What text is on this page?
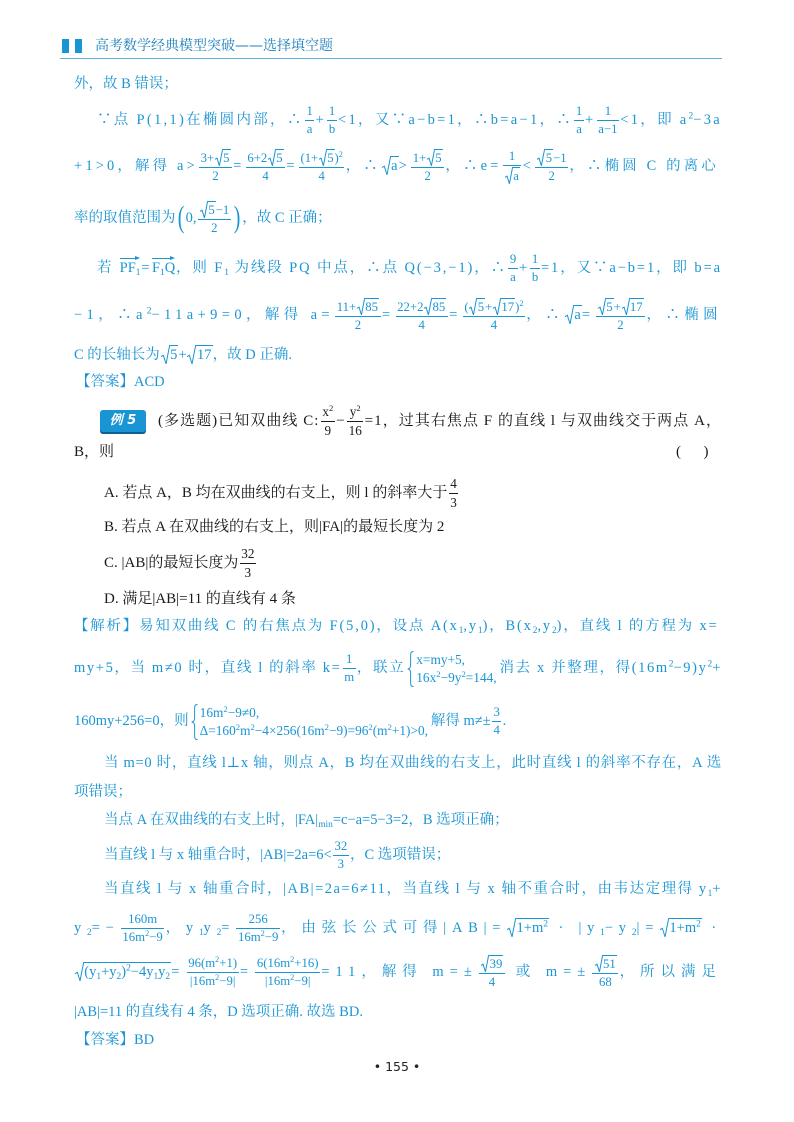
高考数学经典模型突破——选择填空题
外，故 B 错误；
∵点 P(1,1)在椭圆内部，∴ $\frac{1}{a} + \frac{1}{b} <1$，又∵a−b=1，∴b=a−1，∴ $\frac{1}{a} + \frac{1}{a-1} <1$，即 $a^2-3a$
+1>0，解得 $a> \frac{3+ 5}{2} = \frac{6+2 5}{4} = \frac{(1+ 5 )^2}{4}$ ，∴ $a > \frac{1+ 5}{2}$ ，∴e= $\frac{1}{a} < \frac{5 -1}{2}$ ，∴椭圆 C 的离心
率的取值范围为( 0, $\frac{5 -1}{2}$ ) ，故 C 正确；
若 $PF_1=F_1Q$，则 $F_1$ 为线段 PQ 中点，∴点 Q(−3,−1)，∴ $\frac{9}{a} + \frac{1}{b} =1$，又∵a−b=1，即 b=a
−1，$\therefore a^2-11a+9=0$，解得 $a= \frac{11+ 85}{2} = \frac{22+2 85}{4} = \frac{( 5 + 17 )^2}{4}$ ，∴ $a = \frac{5 + 17}{2}$ ，∴椭圆
C 的长轴长为 5 + 17 ，故 D 正确.
【答案】ACD
例 5	(多选题)已知双曲线 C: $\frac{x^2}{9} - \frac{y^2}{16} =1$，过其右焦点 F 的直线 l 与双曲线交于两点 A，
B，则	(      )
A. 若点 A，B 均在双曲线的右支上，则 l 的斜率大于 $\frac{4}{3}$
B. 若点 A 在双曲线的右支上，则|FA|的最短长度为 2
C. |AB|的最短长度为 $\frac{32}{3}$
D. 满足|AB|=11 的直线有 4 条
【解析】易知双曲线 C 的右焦点为 F(5,0)，设点 $A(x_1,y_1)$，$B(x_2,y_2)$，直线 l 的方程为 x=
my+5，当 m≠0 时，直线 l 的斜率 $k= \frac{1}{m}$ ，联立
x=my+5,
$16x^2-9y^2=144$,
消去 x 并整理，得$(16m^2-9)y^2+$
160my+256=0，则
$16m^2-9\ne 0$,
$\Delta=160^2m^2-4\times 256(16m^2-9)=96^2(m^2+1)>0$,
解得 $m\ne\pm \frac{3}{4}$ .
当 m=0 时，直线 l⊥x 轴，则点 A，B 均在双曲线的右支上，此时直线 l 的斜率不存在，A 选
项错误；
当点 A 在双曲线的右支上时，$|FA|_{min}=c-a=5-3=2$，B 选项正确；
当直线 l 与 x 轴重合时，$|AB|=2a=6< \frac{32}{3}$ ，C 选项错误；
当直线 l 与 x 轴重合时，|AB|=2a=6≠11，当直线 l 与 x 轴不重合时，由韦达定理得 $y_1+$
$y_2=- \frac{160m}{16m^2-9}$ ，$y_1y_2= \frac{256}{16m^2-9}$ ，由弦长公式可得$|AB|= 1+m^2 \cdot |y_1-y_2|= 1+m^2$ ·
$(y_1+y_2)^2-4y_1y_2 = \frac{96(m^2+1)}{|16m^2-9|} = \frac{6(16m^2+16)}{|16m^2-9|} =11$，解得 $m=\pm \frac{39}{4}$ 或 $m=\pm \frac{51}{68}$ ，所以满足
|AB|=11 的直线有 4 条，D 选项正确. 故选 BD.
【答案】BD
• 155 •
